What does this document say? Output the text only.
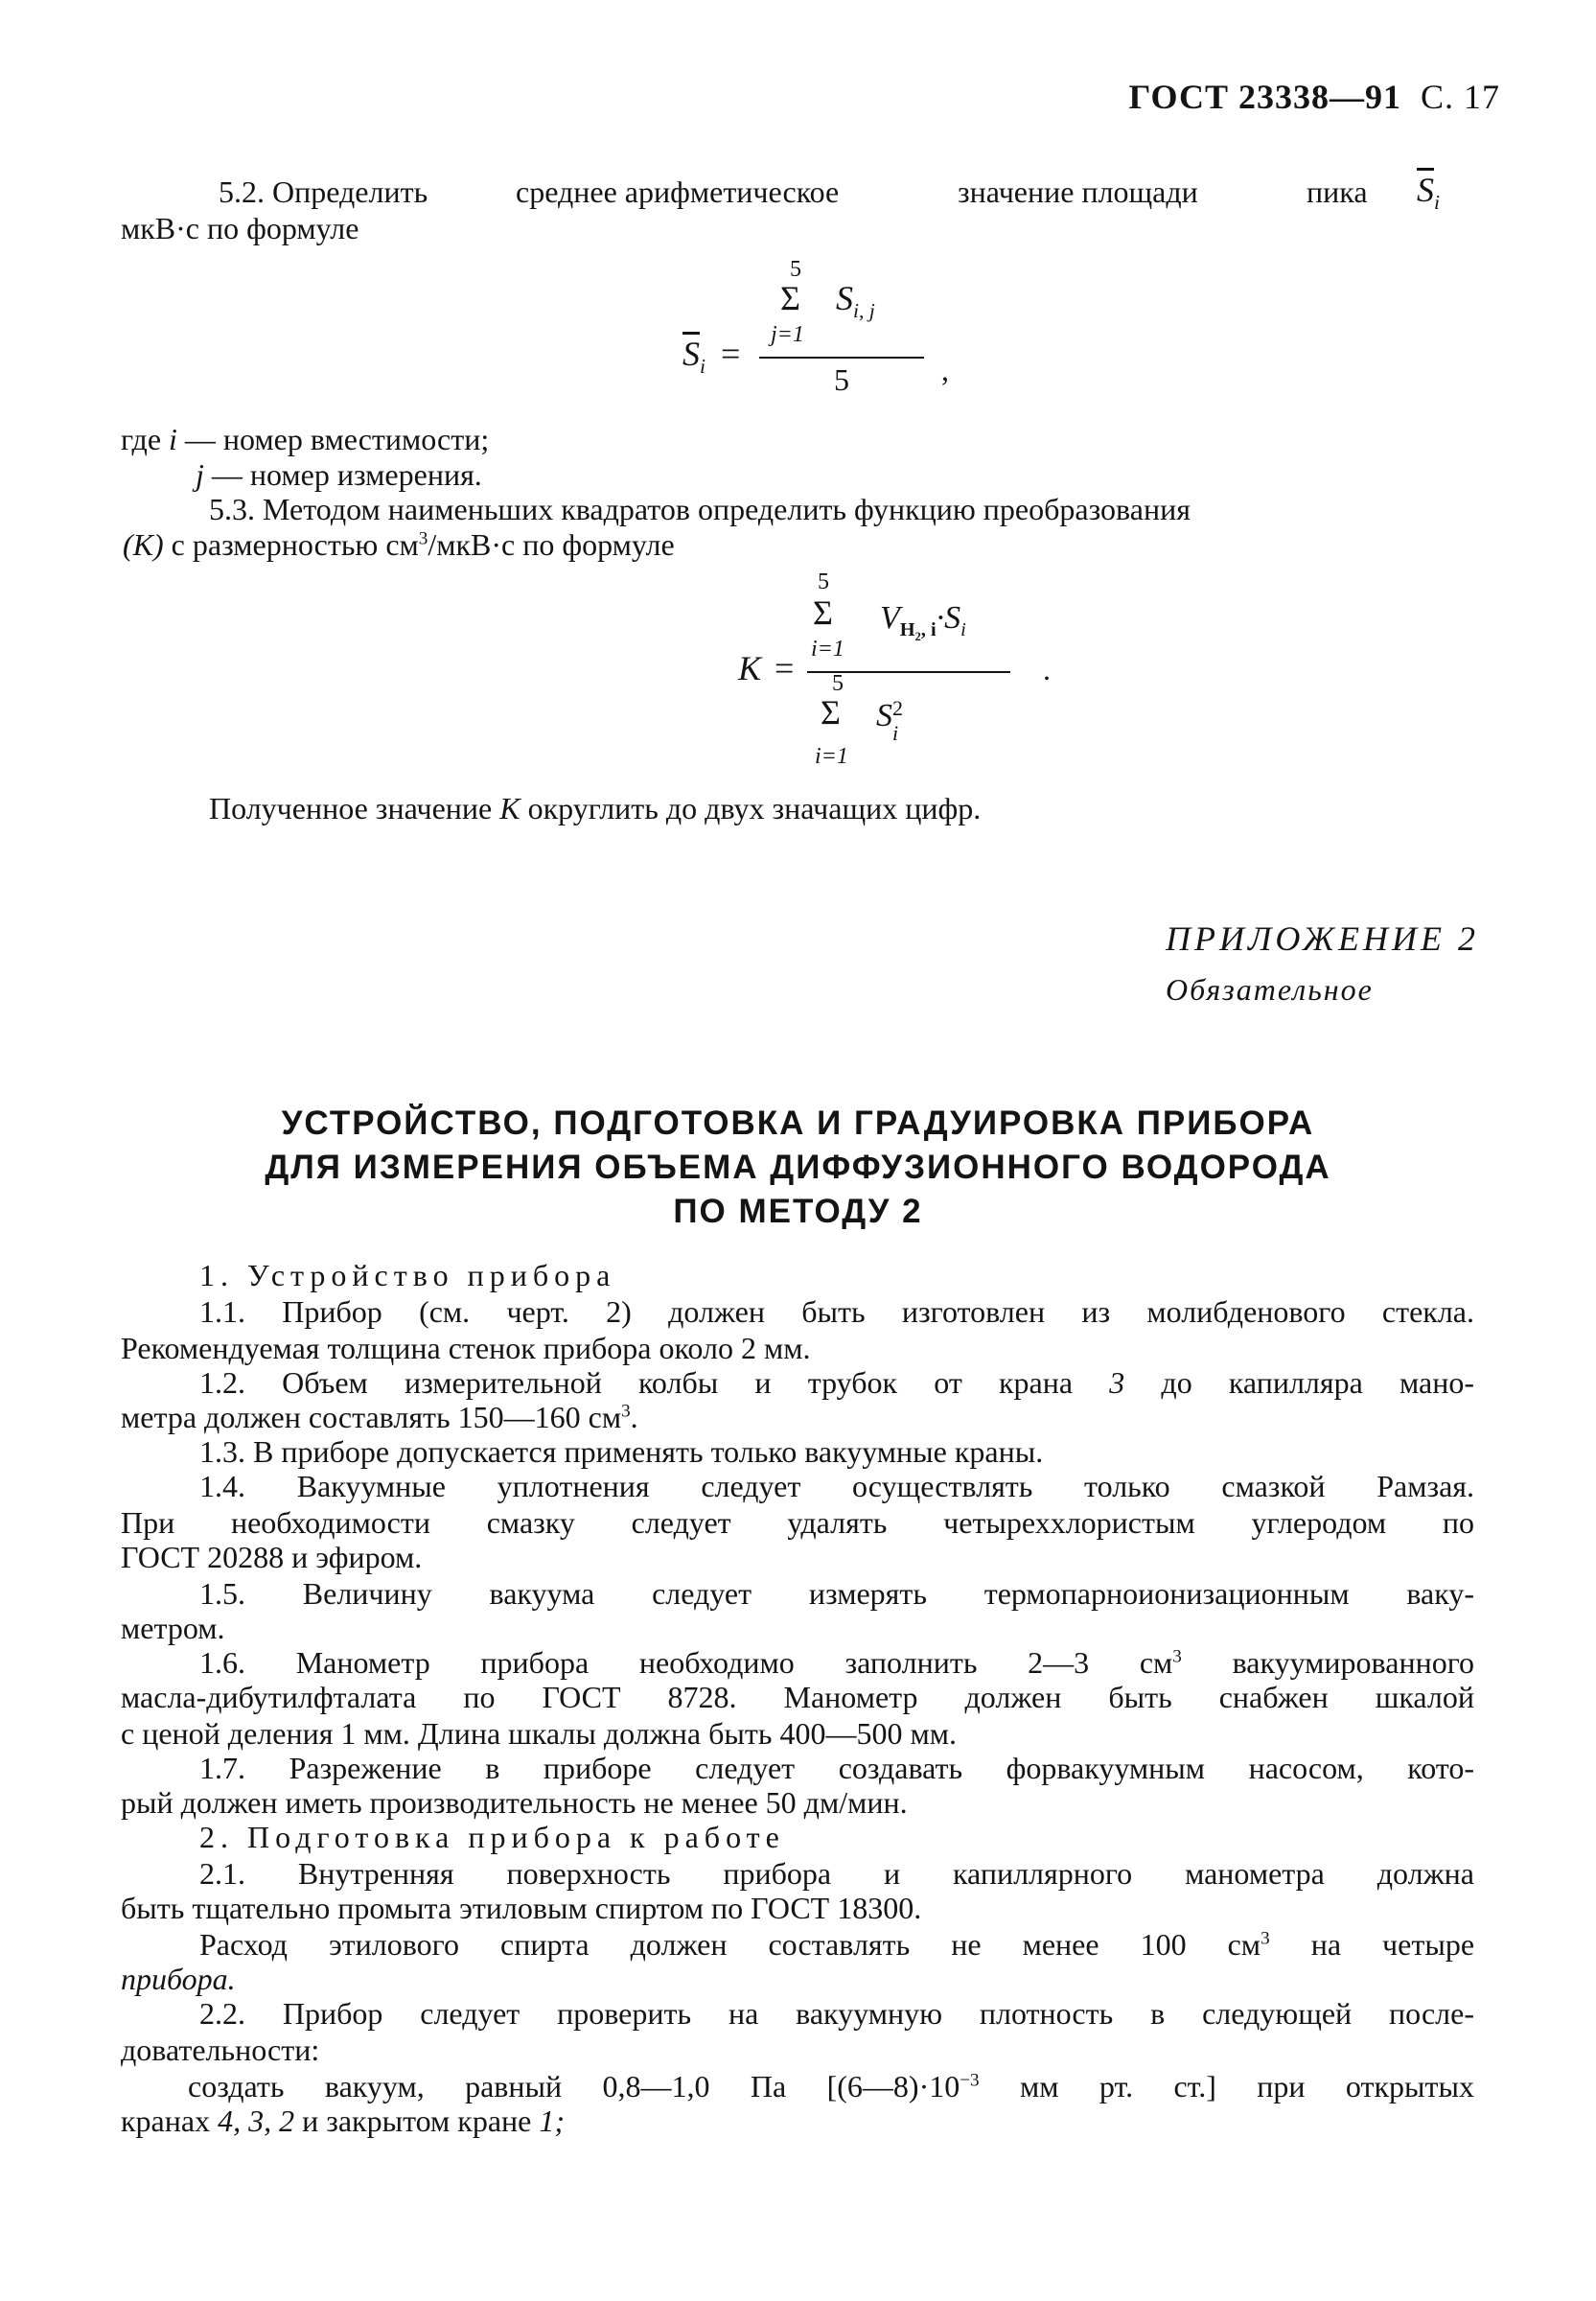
ГОСТ 23338—91 С. 17
5.2. Определить	среднее арифметическое	значение площади	пика $\overline{S}_i$
мкВ·с по формуле
5
Σ $S_{i, j}$
j=1
$\overline{S}_i$ =
5	,
где i — номер вместимости;
j — номер измерения.
5.3. Методом наименьших квадратов определить функцию преобразования
(K) с размерностью $см^3/мкВ\cdot с$ по формуле
5
Σ $V_{H_2, i}\cdot S_i$
i=1
K = 5
Σ S 2
i
i=1
.
Полученное значение K округлить до двух значащих цифр.
ПРИЛОЖЕНИЕ 2
Обязательное
УСТРОЙСТВО, ПОДГОТОВКА И ГРАДУИРОВКА ПРИБОРА
ДЛЯ ИЗМЕРЕНИЯ ОБЪЕМА ДИФФУЗИОННОГО ВОДОРОДА
ПО МЕТОДУ 2
1. Устройство прибора
1.1. Прибор (см. черт. 2) должен быть изготовлен из молибденового стекла.
Рекомендуемая толщина стенок прибора около 2 мм.
1.2. Объем измерительной колбы и трубок от крана 3 до капилляра мано-
метра должен составлять 150—160 $см^3$.
1.3. В приборе допускается применять только вакуумные краны.
1.4. Вакуумные уплотнения следует осуществлять только смазкой Рамзая.
При необходимости смазку следует удалять четыреххлористым углеродом по
ГОСТ 20288 и эфиром.
1.5. Величину вакуума следует измерять термопарноионизационным ваку-
метром.
1.6. Манометр прибора необходимо заполнить 2—3 $см^3$ вакуумированного
масла-дибутилфталата по ГОСТ 8728. Манометр должен быть снабжен шкалой
с ценой деления 1 мм. Длина шкалы должна быть 400—500 мм.
1.7. Разрежение в приборе следует создавать форвакуумным насосом, кото-
рый должен иметь производительность не менее 50 дм/мин.
2. Подготовка прибора к работе
2.1. Внутренняя поверхность прибора и капиллярного манометра должна
быть тщательно промыта этиловым спиртом по ГОСТ 18300.
Расход этилового спирта должен составлять не менее 100 $см^3$ на четыре
прибора.
2.2. Прибор следует проверить на вакуумную плотность в следующей после-
довательности:
создать вакуум, равный 0,8—1,0 Па [$(6—8)\cdot 10^{-3}$ мм рт. ст.] при открытых
кранах 4, 3, 2 и закрытом кране 1;
